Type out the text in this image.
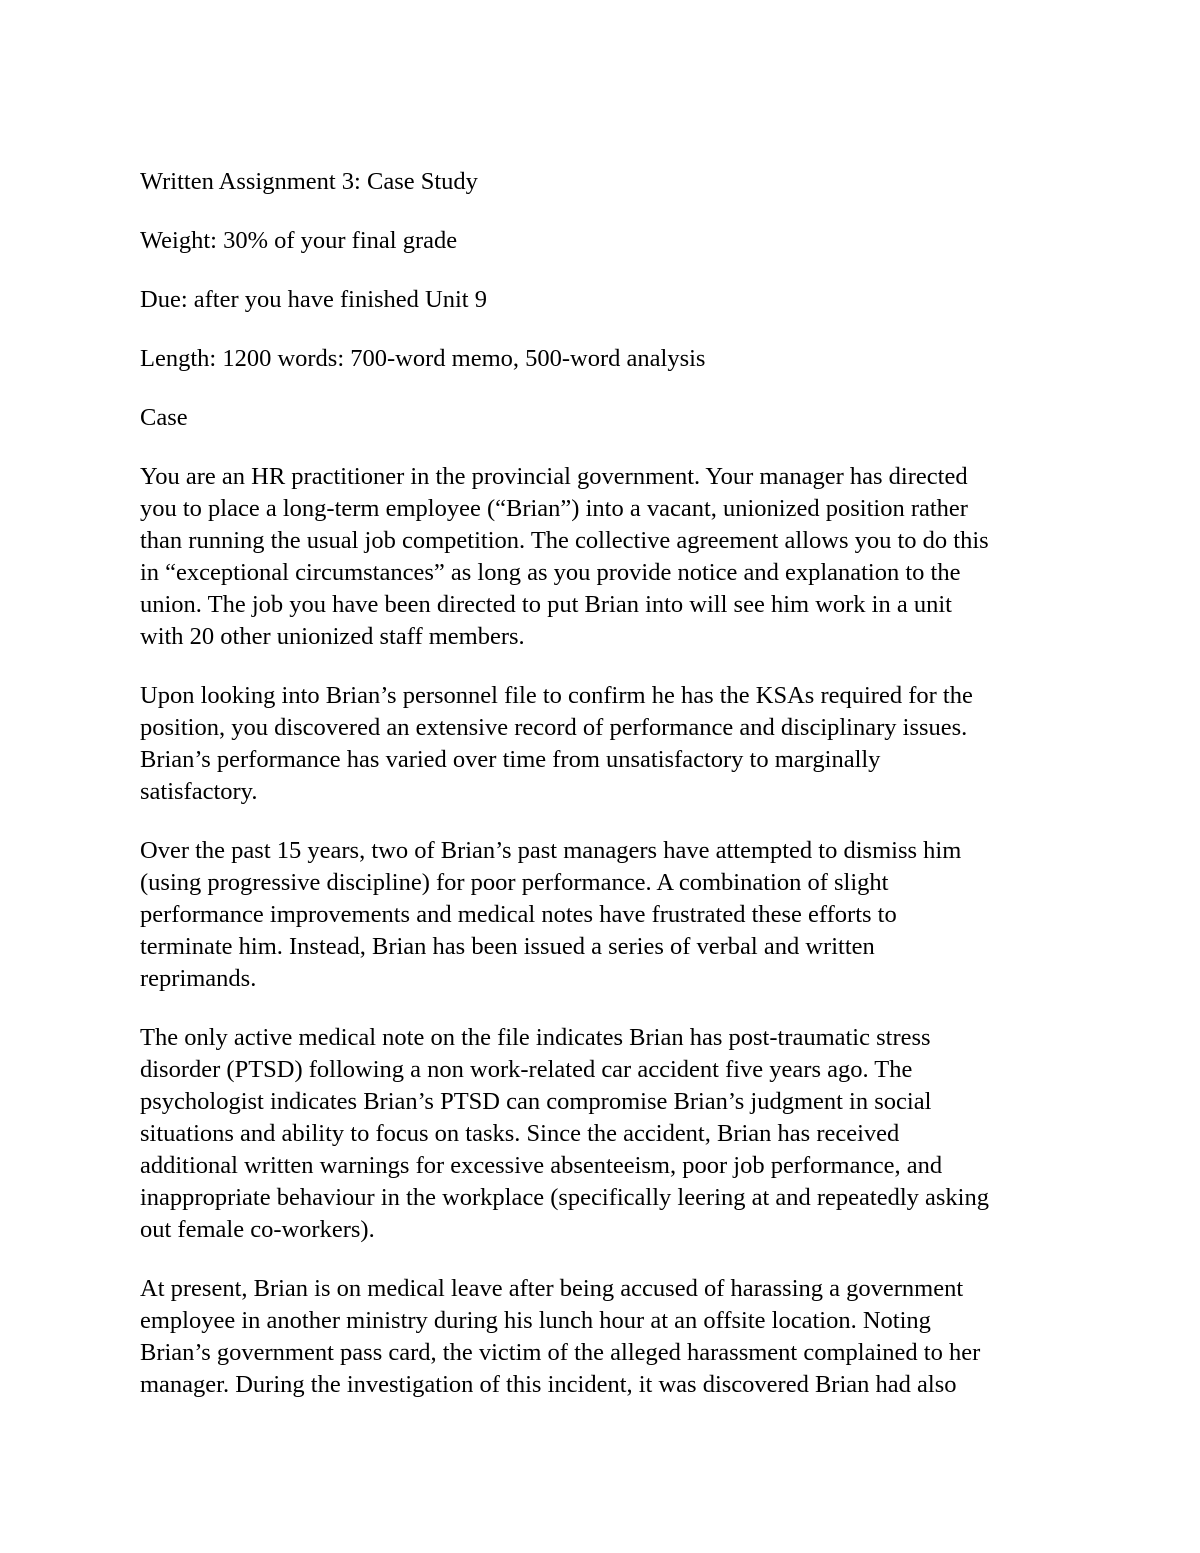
Written Assignment 3: Case Study
Weight: 30% of your final grade
Due: after you have finished Unit 9
Length: 1200 words: 700-word memo, 500-word analysis
Case
You are an HR practitioner in the provincial government. Your manager has directed
you to place a long-term employee (“Brian”) into a vacant, unionized position rather
than running the usual job competition. The collective agreement allows you to do this
in “exceptional circumstances” as long as you provide notice and explanation to the
union. The job you have been directed to put Brian into will see him work in a unit
with 20 other unionized staff members.
Upon looking into Brian’s personnel file to confirm he has the KSAs required for the
position, you discovered an extensive record of performance and disciplinary issues.
Brian’s performance has varied over time from unsatisfactory to marginally
satisfactory.
Over the past 15 years, two of Brian’s past managers have attempted to dismiss him
(using progressive discipline) for poor performance. A combination of slight
performance improvements and medical notes have frustrated these efforts to
terminate him. Instead, Brian has been issued a series of verbal and written
reprimands.
The only active medical note on the file indicates Brian has post-traumatic stress
disorder (PTSD) following a non work-related car accident five years ago. The
psychologist indicates Brian’s PTSD can compromise Brian’s judgment in social
situations and ability to focus on tasks. Since the accident, Brian has received
additional written warnings for excessive absenteeism, poor job performance, and
inappropriate behaviour in the workplace (specifically leering at and repeatedly asking
out female co-workers).
At present, Brian is on medical leave after being accused of harassing a government
employee in another ministry during his lunch hour at an offsite location. Noting
Brian’s government pass card, the victim of the alleged harassment complained to her
manager. During the investigation of this incident, it was discovered Brian had also
